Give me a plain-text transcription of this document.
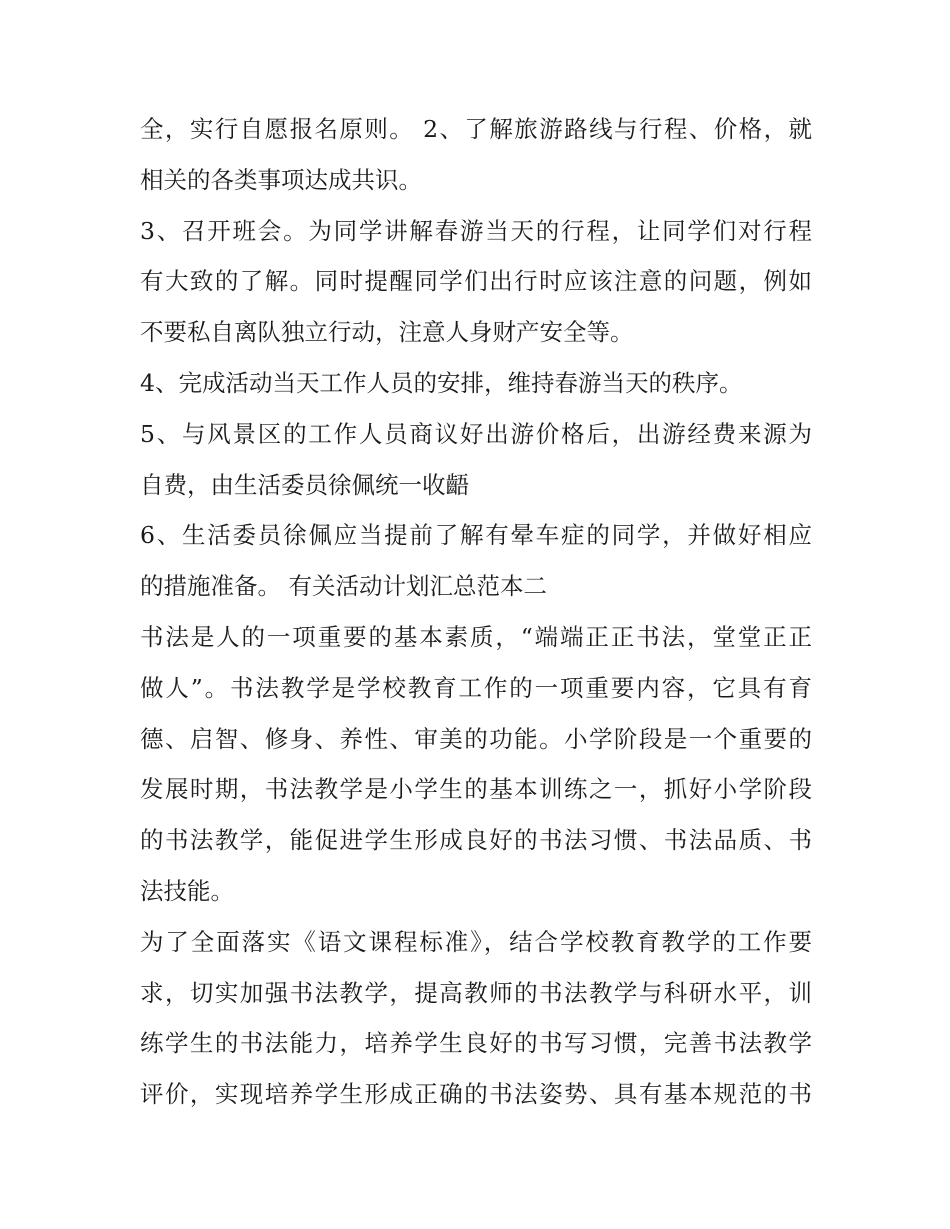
全，实行自愿报名原则。 2、了解旅游路线与行程、价格，就
相关的各类事项达成共识。
3、召开班会。为同学讲解春游当天的行程，让同学们对行程
有大致的了解。同时提醒同学们出行时应该注意的问题，例如
不要私自离队独立行动，注意人身财产安全等。
4、完成活动当天工作人员的安排，维持春游当天的秩序。
5、与风景区的工作人员商议好出游价格后，出游经费来源为
自费，由生活委员徐佩统一收齬
6、生活委员徐佩应当提前了解有晕车症的同学，并做好相应
的措施准备。 有关活动计划汇总范本二
书法是人的一项重要的基本素质，“端端正正书法，堂堂正正
做人”。书法教学是学校教育工作的一项重要内容，它具有育
德、启智、修身、养性、审美的功能。小学阶段是一个重要的
发展时期，书法教学是小学生的基本训练之一，抓好小学阶段
的书法教学，能促进学生形成良好的书法习惯、书法品质、书
法技能。
为了全面落实《语文课程标准》，结合学校教育教学的工作要
求，切实加强书法教学，提高教师的书法教学与科研水平，训
练学生的书法能力，培养学生良好的书写习惯，完善书法教学
评价，实现培养学生形成正确的书法姿势、具有基本规范的书
